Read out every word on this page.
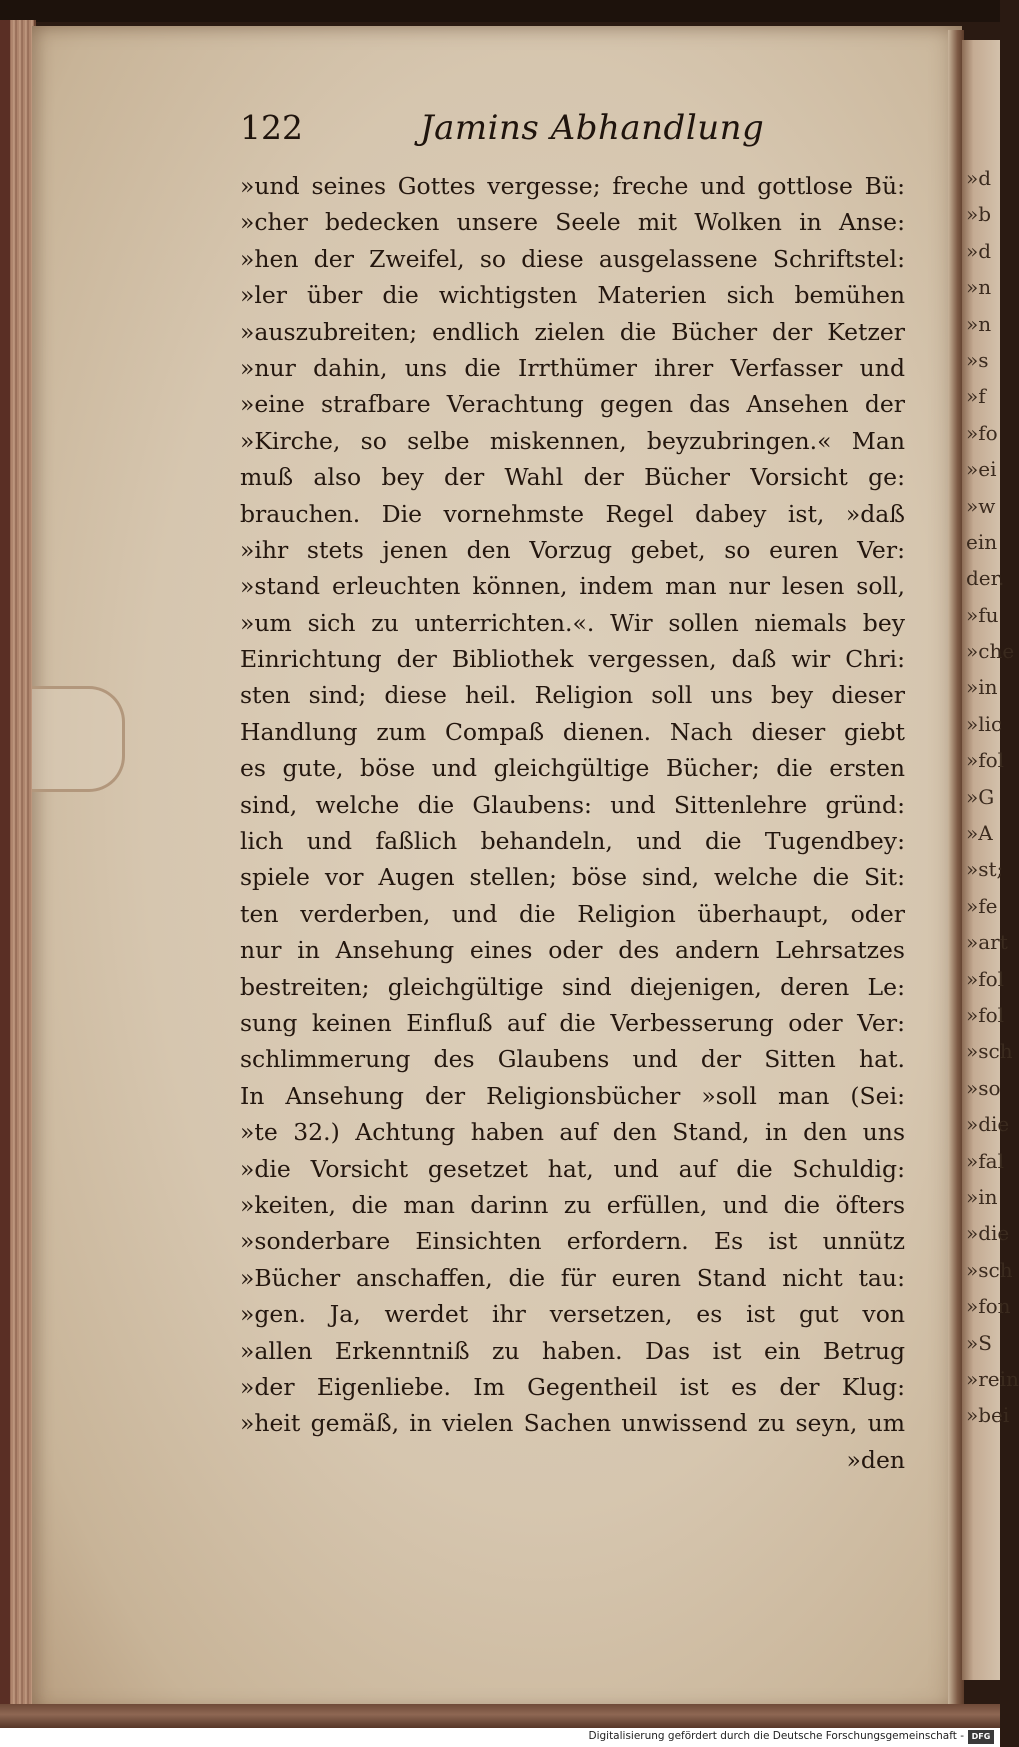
»d
»b
»d
»n
»n
»s
»f
»fo
»ei
»w
ein
der.
»fu
»che
»in
»lic
»fol
»G
»A
»st;
»fe
»art
»fol
»fol
»sch
»so
»die
»fal
»in
»die
»sch
»fon
»S
»rein
»bei
122	Jamins Abhandlung
»und seines Gottes vergesse; freche und gottlose Bü:
»cher bedecken unsere Seele mit Wolken in Anse:
»hen der Zweifel, so diese ausgelassene Schriftstel:
»ler über die wichtigsten Materien sich bemühen
»auszubreiten; endlich zielen die Bücher der Ketzer
»nur dahin, uns die Irrthümer ihrer Verfasser und
»eine strafbare Verachtung gegen das Ansehen der
»Kirche, so selbe miskennen, beyzubringen.« Man
muß also bey der Wahl der Bücher Vorsicht ge:
brauchen. Die vornehmste Regel dabey ist, »daß
»ihr stets jenen den Vorzug gebet, so euren Ver:
»stand erleuchten können, indem man nur lesen soll,
»um sich zu unterrichten.«. Wir sollen niemals bey
Einrichtung der Bibliothek vergessen, daß wir Chri:
sten sind; diese heil. Religion soll uns bey dieser
Handlung zum Compaß dienen. Nach dieser giebt
es gute, böse und gleichgültige Bücher; die ersten
sind, welche die Glaubens: und Sittenlehre gründ:
lich und faßlich behandeln, und die Tugendbey:
spiele vor Augen stellen; böse sind, welche die Sit:
ten verderben, und die Religion überhaupt, oder
nur in Ansehung eines oder des andern Lehrsatzes
bestreiten; gleichgültige sind diejenigen, deren Le:
sung keinen Einfluß auf die Verbesserung oder Ver:
schlimmerung des Glaubens und der Sitten hat.
In Ansehung der Religionsbücher »soll man (Sei:
»te 32.) Achtung haben auf den Stand, in den uns
»die Vorsicht gesetzet hat, und auf die Schuldig:
»keiten, die man darinn zu erfüllen, und die öfters
»sonderbare Einsichten erfordern. Es ist unnütz
»Bücher anschaffen, die für euren Stand nicht tau:
»gen. Ja, werdet ihr versetzen, es ist gut von
»allen Erkenntniß zu haben. Das ist ein Betrug
»der Eigenliebe. Im Gegentheil ist es der Klug:
»heit gemäß, in vielen Sachen unwissend zu seyn, um
»den
Digitalisierung gefördert durch die Deutsche Forschungsgemeinschaft - DFG
